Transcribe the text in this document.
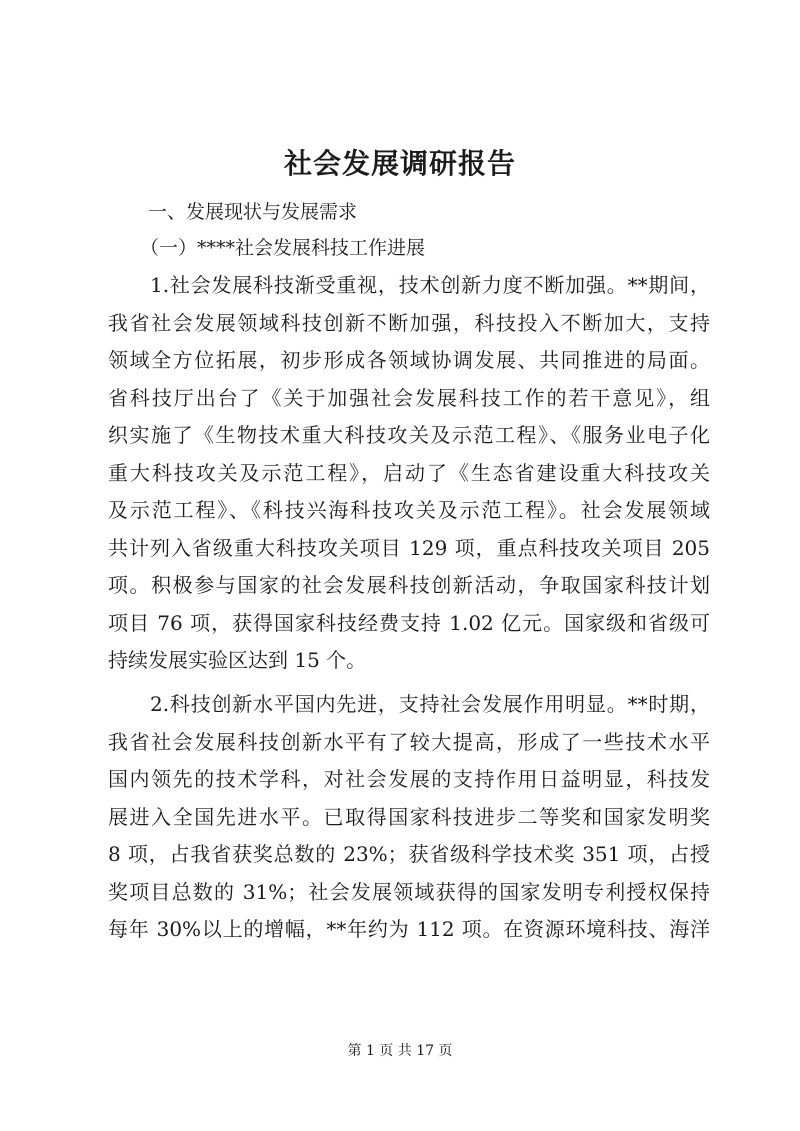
社会发展调研报告
一、发展现状与发展需求
（一）****社会发展科技工作进展
1.社会发展科技渐受重视，技术创新力度不断加强。**期间，
我省社会发展领域科技创新不断加强，科技投入不断加大，支持
领域全方位拓展，初步形成各领域协调发展、共同推进的局面。
省科技厅出台了《关于加强社会发展科技工作的若干意见》，组
织实施了《生物技术重大科技攻关及示范工程》、《服务业电子化
重大科技攻关及示范工程》，启动了《生态省建设重大科技攻关
及示范工程》、《科技兴海科技攻关及示范工程》。社会发展领域
共计列入省级重大科技攻关项目 129 项，重点科技攻关项目 205
项。积极参与国家的社会发展科技创新活动，争取国家科技计划
项目 76 项，获得国家科技经费支持 1.02 亿元。国家级和省级可
持续发展实验区达到 15 个。
2.科技创新水平国内先进，支持社会发展作用明显。**时期，
我省社会发展科技创新水平有了较大提高，形成了一些技术水平
国内领先的技术学科，对社会发展的支持作用日益明显，科技发
展进入全国先进水平。已取得国家科技进步二等奖和国家发明奖
8 项，占我省获奖总数的 23%；获省级科学技术奖 351 项，占授
奖项目总数的 31%；社会发展领域获得的国家发明专利授权保持
每年 30%以上的增幅，**年约为 112 项。在资源环境科技、海洋
第 1 页 共 17 页
